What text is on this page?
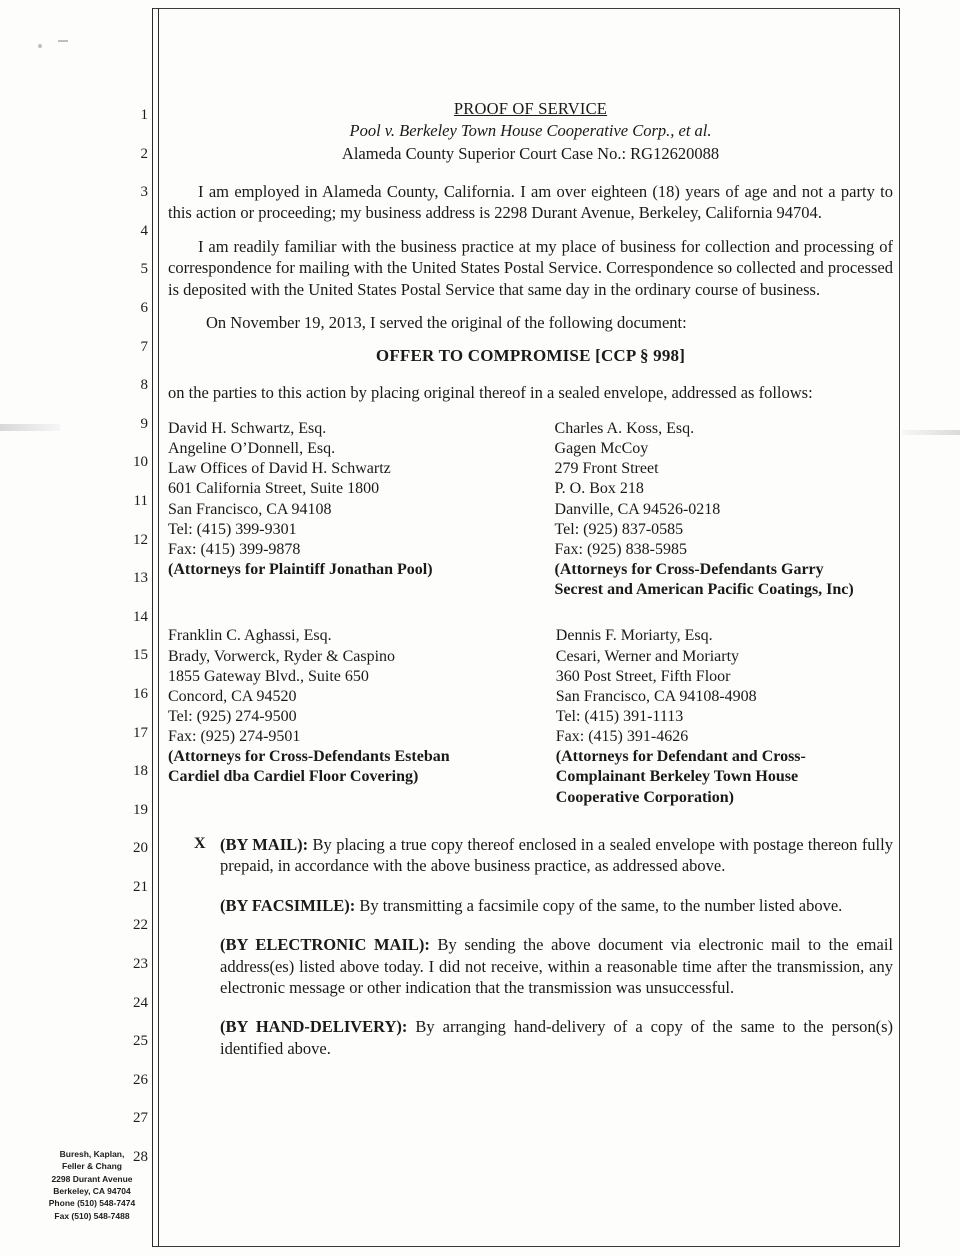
1
2
3
4
5
6
7
8
9
10
11
12
13
14
15
16
17
18
19
20
21
22
23
24
25
26
27
28
PROOF OF SERVICE
Pool v. Berkeley Town House Cooperative Corp., et al.
Alameda County Superior Court Case No.: RG12620088

I am employed in Alameda County, California. I am over eighteen (18) years of age and not a party to this action or proceeding; my business address is 2298 Durant Avenue, Berkeley, California 94704.

I am readily familiar with the business practice at my place of business for collection and processing of correspondence for mailing with the United States Postal Service. Correspondence so collected and processed is deposited with the United States Postal Service that same day in the ordinary course of business.

On November 19, 2013, I served the original of the following document:

OFFER TO COMPROMISE [CCP § 998]

on the parties to this action by placing original thereof in a sealed envelope, addressed as follows:

David H. Schwartz, Esq.
Angeline O’Donnell, Esq.
Law Offices of David H. Schwartz
601 California Street, Suite 1800
San Francisco, CA 94108
Tel: (415) 399-9301
Fax: (415) 399-9878
(Attorneys for Plaintiff Jonathan Pool)

Charles A. Koss, Esq.
Gagen McCoy
279 Front Street
P. O. Box 218
Danville, CA 94526-0218
Tel: (925) 837-0585
Fax: (925) 838-5985
(Attorneys for Cross-Defendants Garry
Secrest and American Pacific Coatings, Inc)
Franklin C. Aghassi, Esq.
Brady, Vorwerck, Ryder & Caspino
1855 Gateway Blvd., Suite 650
Concord, CA 94520
Tel: (925) 274-9500
Fax: (925) 274-9501
(Attorneys for Cross-Defendants Esteban
Cardiel dba Cardiel Floor Covering)

Dennis F. Moriarty, Esq.
Cesari, Werner and Moriarty
360 Post Street, Fifth Floor
San Francisco, CA 94108-4908
Tel: (415) 391-1113
Fax: (415) 391-4626
(Attorneys for Defendant and Cross-
Complainant Berkeley Town House
Cooperative Corporation)
X (BY MAIL): By placing a true copy thereof enclosed in a sealed envelope with postage thereon fully prepaid, in accordance with the above business practice, as addressed above.
(BY FACSIMILE): By transmitting a facsimile copy of the same, to the number listed above.
(BY ELECTRONIC MAIL): By sending the above document via electronic mail to the email address(es) listed above today. I did not receive, within a reasonable time after the transmission, any electronic message or other indication that the transmission was unsuccessful.
(BY HAND-DELIVERY): By arranging hand-delivery of a copy of the same to the person(s) identified above.
Buresh, Kaplan,
Feller & Chang
2298 Durant Avenue
Berkeley, CA 94704
Phone (510) 548-7474
Fax (510) 548-7488
